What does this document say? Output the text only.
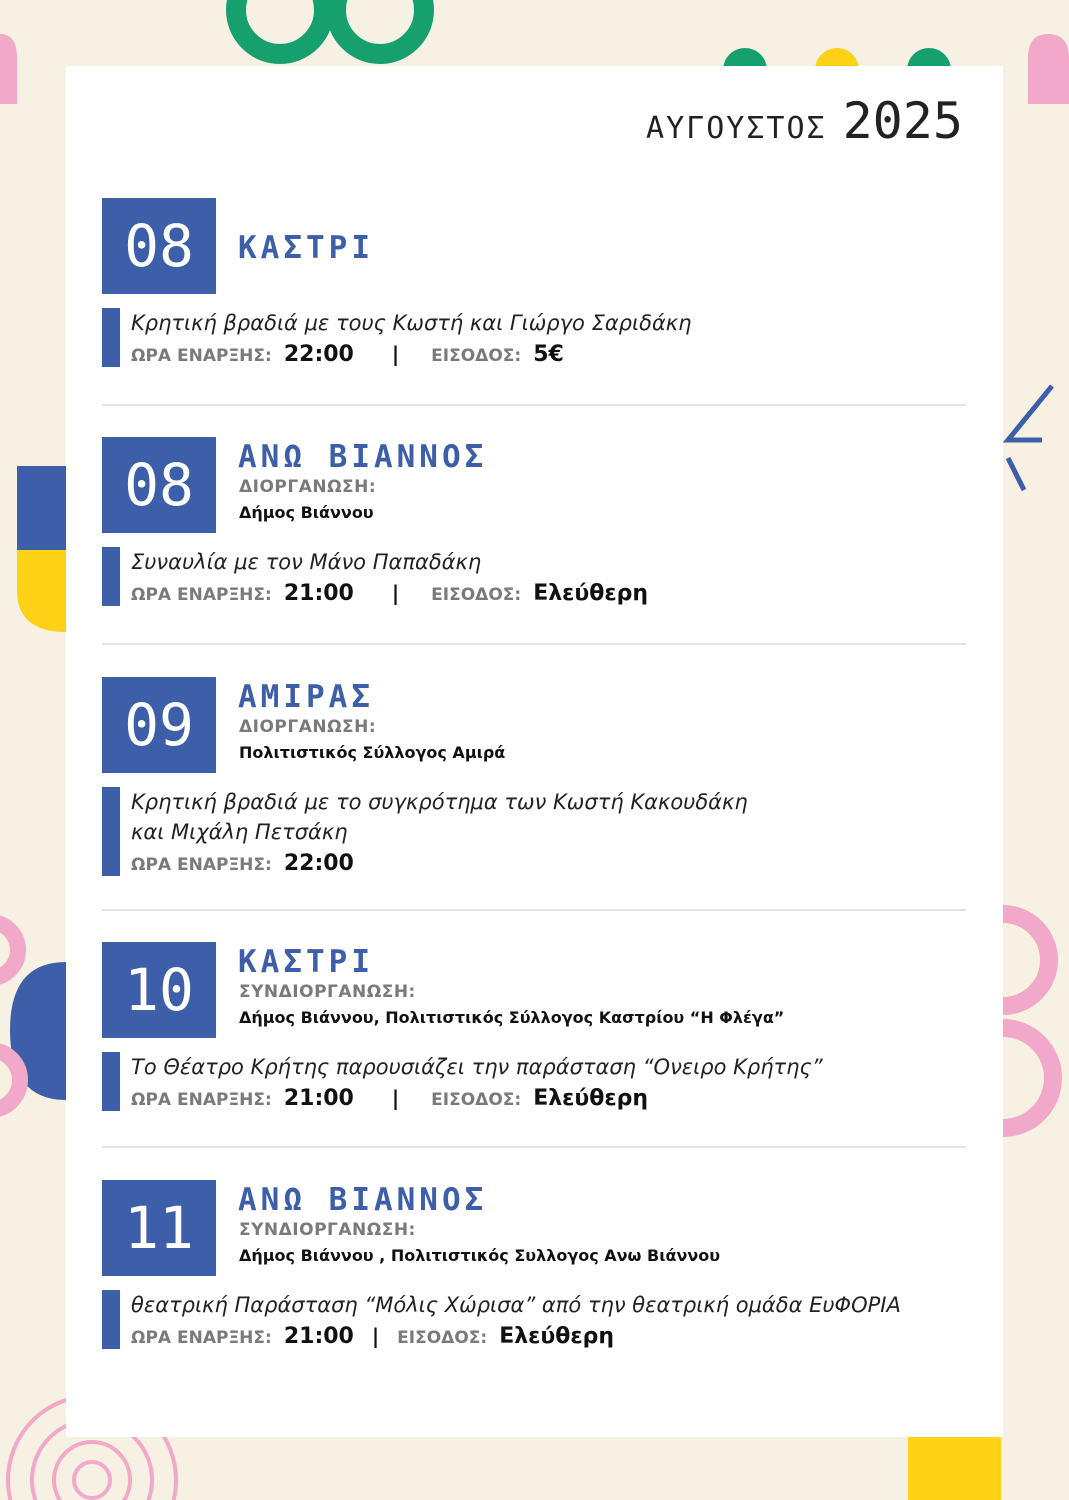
ΑΥΓΟΥΣΤΟΣ 2025
08	ΚΑΣΤΡΙ
Κρητική βραδιά με τους Κωστή και Γιώργο Σαριδάκη
ΩΡΑ ΕΝΑΡΞΗΣ: 22:00 | ΕΙΣΟΔΟΣ: 5€
08	ΑΝΩ ΒΙΑΝΝΟΣ
ΔΙΟΡΓΑΝΩΣΗ:
Δήμος Βιάννου
Συναυλία με τον Μάνο Παπαδάκη
ΩΡΑ ΕΝΑΡΞΗΣ: 21:00 | ΕΙΣΟΔΟΣ: Ελεύθερη
09	ΑΜΙΡΑΣ
ΔΙΟΡΓΑΝΩΣΗ:
Πολιτιστικός Σύλλογος Αμιρά
Κρητική βραδιά με το συγκρότημα των Κωστή Κακουδάκη
και Μιχάλη Πετσάκη
ΩΡΑ ΕΝΑΡΞΗΣ: 22:00
10	ΚΑΣΤΡΙ
ΣΥΝΔΙΟΡΓΑΝΩΣΗ:
Δήμος Βιάννου, Πολιτιστικός Σύλλογος Καστρίου “Η Φλέγα”
Το Θέατρο Κρήτης παρουσιάζει την παράσταση “Ονειρο Κρήτης”
ΩΡΑ ΕΝΑΡΞΗΣ: 21:00 | ΕΙΣΟΔΟΣ: Ελεύθερη
11	ΑΝΩ ΒΙΑΝΝΟΣ
ΣΥΝΔΙΟΡΓΑΝΩΣΗ:
Δήμος Βιάννου , Πολιτιστικός Συλλογος Ανω Βιάννου
θεατρική Παράσταση “Μόλις Χώρισα” από την θεατρική ομάδα ΕυΦΟΡΙΑ
ΩΡΑ ΕΝΑΡΞΗΣ: 21:00 | ΕΙΣΟΔΟΣ: Ελεύθερη
